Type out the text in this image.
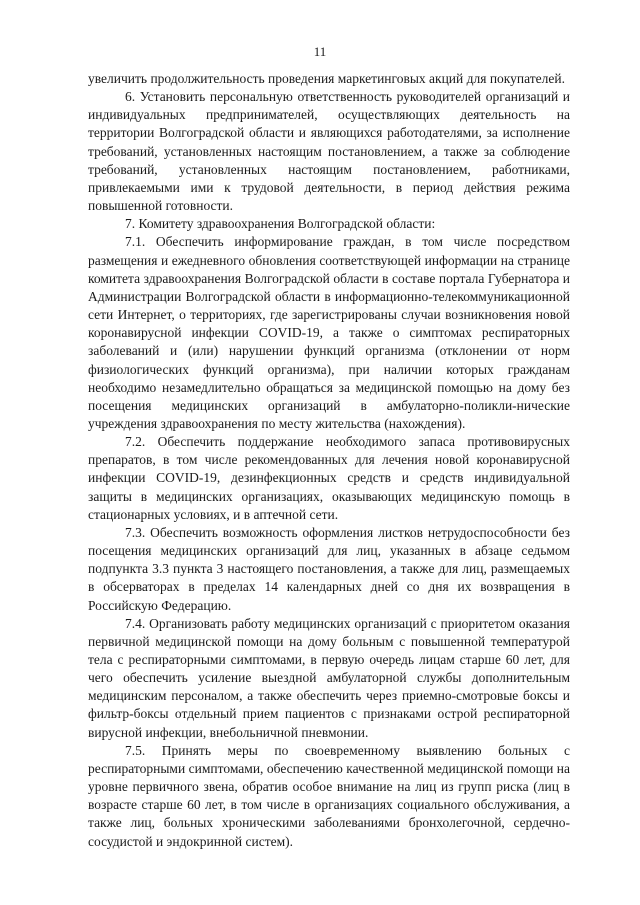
11

увеличить продолжительность проведения маркетинговых акций для покупателей.

6. Установить персональную ответственность руководителей организаций и индивидуальных предпринимателей, осуществляющих деятельность на территории Волгоградской области и являющихся работодателями, за исполнение требований, установленных настоящим постановлением, а также за соблюдение требований, установленных настоящим постановлением, работниками, привлекаемыми ими к трудовой деятельности, в период действия режима повышенной готовности.

7. Комитету здравоохранения Волгоградской области:

7.1. Обеспечить информирование граждан, в том числе посредством размещения и ежедневного обновления соответствующей информации на странице комитета здравоохранения Волгоградской области в составе портала Губернатора и Администрации Волгоградской области в информационно-телекоммуникационной сети Интернет, о территориях, где зарегистрированы случаи возникновения новой коронавирусной инфекции COVID-19, а также о симптомах респираторных заболеваний и (или) нарушении функций организма (отклонении от норм физиологических функций организма), при наличии которых гражданам необходимо незамедлительно обращаться за медицинской помощью на дому без посещения медицинских организаций в амбулаторно-поликли-ническиe учреждения здравоохранения по месту жительства (нахождения).

7.2. Обеспечить поддержание необходимого запаса противовирусных препаратов, в том числе рекомендованных для лечения новой коронавирусной инфекции COVID-19, дезинфекционных средств и средств индивидуальной защиты в медицинских организациях, оказывающих медицинскую помощь в стационарных условиях, и в аптечной сети.

7.3. Обеспечить возможность оформления листков нетрудоспособности без посещения медицинских организаций для лиц, указанных в абзаце седьмом подпункта 3.3 пункта 3 настоящего постановления, а также для лиц, размещаемых в обсерваторах в пределах 14 календарных дней со дня их возвращения в Российскую Федерацию.

7.4. Организовать работу медицинских организаций с приоритетом оказания первичной медицинской помощи на дому больным с повышенной температурой тела с респираторными симптомами, в первую очередь лицам старше 60 лет, для чего обеспечить усиление выездной амбулаторной службы дополнительным медицинским персоналом, а также обеспечить через приемно-смотровые боксы и фильтр-боксы отдельный прием пациентов с признаками острой респираторной вирусной инфекции, внебольничной пневмонии.

7.5. Принять меры по своевременному выявлению больных с респираторными симптомами, обеспечению качественной медицинской помощи на уровне первичного звена, обратив особое внимание на лиц из групп риска (лиц в возрасте старше 60 лет, в том числе в организациях социального обслуживания, а также лиц, больных хроническими заболеваниями бронхолегочной, сердечно-сосудистой и эндокринной систем).
